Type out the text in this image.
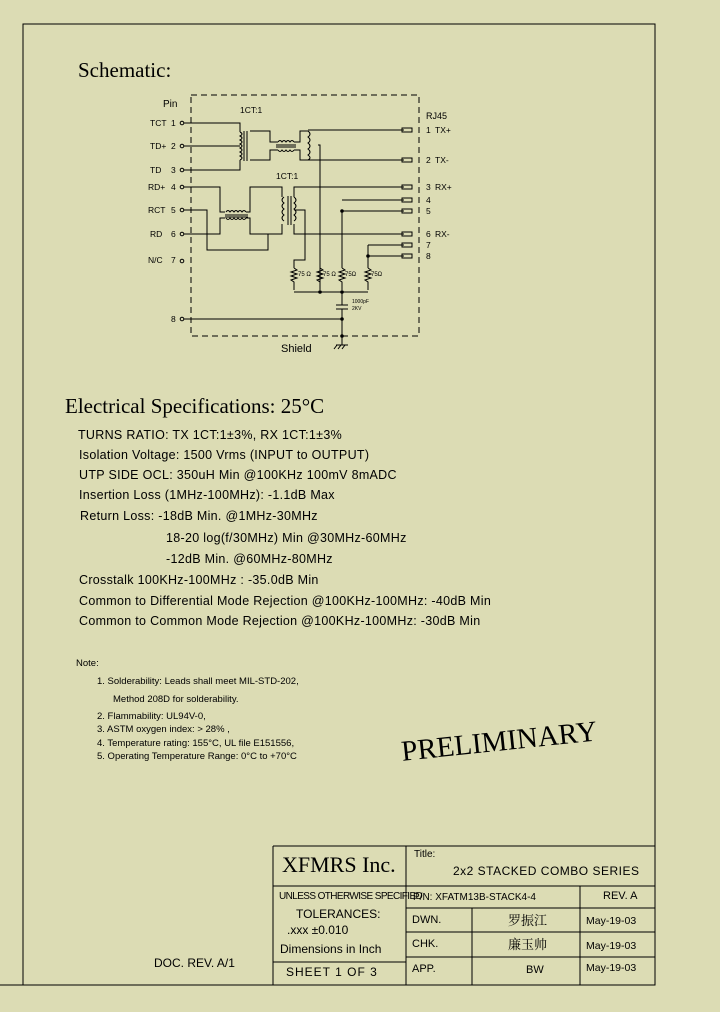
Schematic:
Pin
RJ45
1CT:1
1CT:1
TCT 1
TD+ 2
TD 3
RD+ 4
RCT 5
RD 6
N/C 7
8
1 TX+
2 TX-
3 RX+
4
5
6 RX-
7
8
75 Ω 75 Ω 75Ω 75Ω
1000pF
2KV
Shield
Electrical Specifications: 25°C
TURNS RATIO: TX 1CT:1±3%, RX 1CT:1±3%
Isolation Voltage: 1500 Vrms (INPUT to OUTPUT)
UTP SIDE OCL: 350uH Min @100KHz 100mV 8mADC
Insertion Loss (1MHz-100MHz): -1.1dB Max
Return Loss: -18dB Min. @1MHz-30MHz
18-20 log(f/30MHz) Min @30MHz-60MHz
-12dB Min. @60MHz-80MHz
Crosstalk 100KHz-100MHz : -35.0dB Min
Common to Differential Mode Rejection @100KHz-100MHz: -40dB Min
Common to Common Mode Rejection @100KHz-100MHz: -30dB Min
Note:
1. Solderability: Leads shall meet MIL-STD-202,
Method 208D for solderability.
2. Flammability: UL94V-0,
3. ASTM oxygen index: > 28% ,
4. Temperature rating: 155°C, UL file E151556,
5. Operating Temperature Range: 0°C to +70°C	PRELIMINARY
DOC. REV. A/1
XFMRS Inc. Title:
2x2 STACKED COMBO SERIES
UNLESS OTHERWISE SPECIFIED
TOLERANCES:
.xxx ±0.010
Dimensions in Inch
SHEET 1 OF 3
P/N: XFATM13B-STACK4-4	REV. A
DWN.	罗振江	May-19-03
CHK.	廉玉帅	May-19-03
APP.	BW	May-19-03
